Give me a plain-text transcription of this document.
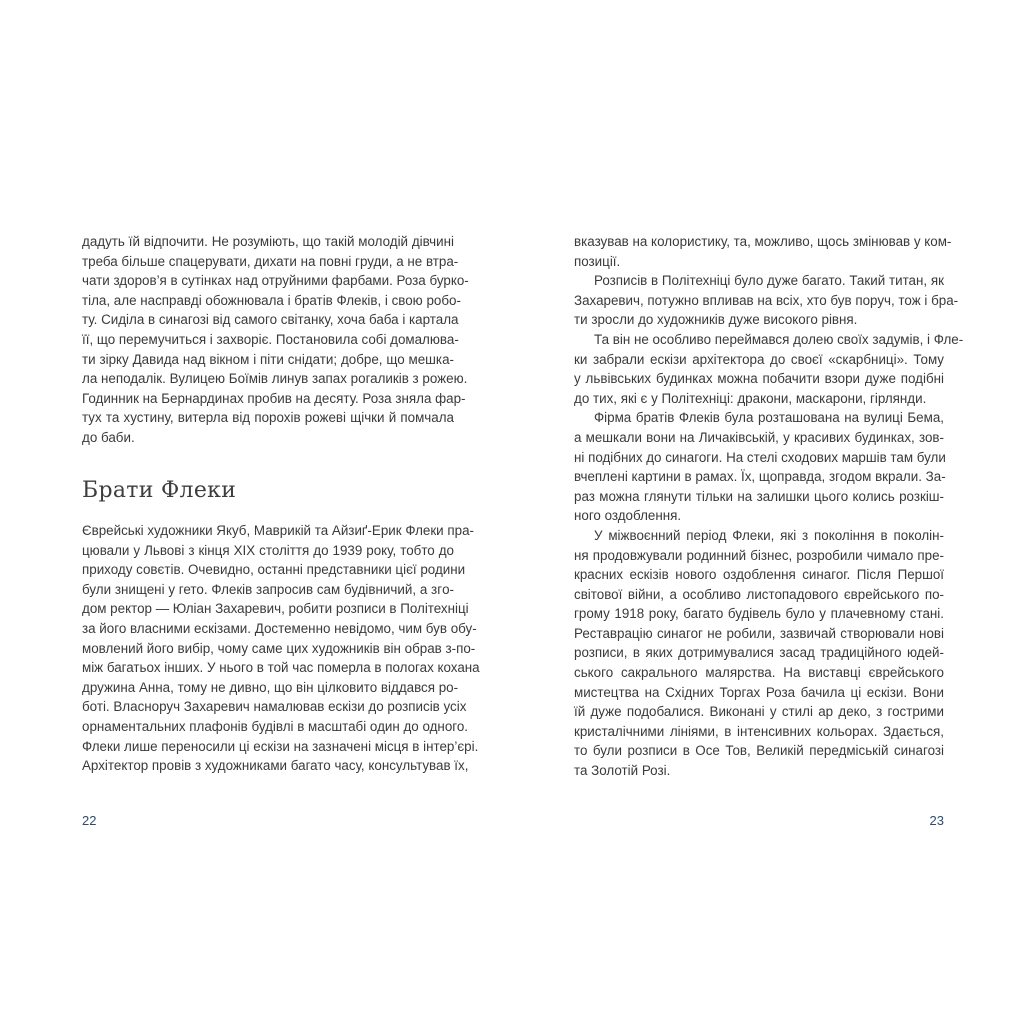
дадуть їй відпочити. Не розуміють, що такій молодій дівчині
треба більше спацерувати, дихати на повні груди, а не втра-
чати здоров’я в сутінках над отруйними фарбами. Роза бурко-
тіла, але насправді обожнювала і братів Флеків, і свою робо-
ту. Сиділа в синагозі від самого світанку, хоча баба і картала
її, що перемучиться і захворіє. Постановила собі домалюва-
ти зірку Давида над вікном і піти снідати; добре, що мешка-
ла неподалік. Вулицею Боїмів линув запах рогаликів з рожею.
Годинник на Бернардинах пробив на десяту. Роза зняла фар-
тух та хустину, витерла від порохів рожеві щічки й помчала
до баби.
Брати Флеки
Єврейські художники Якуб, Маврикій та Айзиґ-Ерик Флеки пра-
цювали у Львові з кінця XIX століття до 1939 року, тобто до
приходу совєтів. Очевидно, останні представники цієї родини
були знищені у гето. Флеків запросив сам будівничий, а згo-
дом ректор — Юліан Захаревич, робити розписи в Політехніці
за його власними ескізами. Достеменно невідомо, чим був обу-
мовлений його вибір, чому саме цих художників він обрав з-по-
між багатьох інших. У нього в той час померла в пологах кохана
дружина Анна, тому не дивно, що він цілковито віддався ро-
боті. Власноруч Захаревич намалював ескізи до розписів усіх
орнаментальних плафонів будівлі в масштабі один до одного.
Флеки лише переносили ці ескізи на зазначені місця в інтер’єрі.
Архітектор провів з художниками багато часу, консультував їх,
22
вказував на колористику, та, можливо, щось змінював у ком-
позиції.
Розписів в Політехніці було дуже багато. Такий титан, як
Захаревич, потужно впливав на всіх, хто був поруч, тож і бра-
ти зросли до художників дуже високого рівня.
Та він не особливо переймався долею своїх задумів, і Флe-
ки забрали ескізи архітектора до своєї «скарбниці». Тому
у львівських будинках можна побачити взори дуже подібні
до тих, які є у Політехніці: дракони, маскарони, гірлянди.
Фірма братів Флеків була розташована на вулиці Бема,
а мешкали вони на Личаківській, у красивих будинках, зов-
ні подібних до синагоги. На стелі сходових маршів там були
вчеплені картини в рамах. Їх, щоправда, згодом вкрали. За-
раз можна глянути тільки на залишки цього колись розкіш-
ного оздоблення.
У міжвоєнний період Флеки, які з покоління в поколін-
ня продовжували родинний бізнес, розробили чимало пре-
красних ескізів нового оздоблення синагог. Після Першої
світової війни, а особливо листопадового єврейського по-
грому 1918 року, багато будівель було у плачевному стані.
Реставрацію синагог не робили, зазвичай створювали нові
розписи, в яких дотримувалися засад традиційного юдей-
ського сакрального малярства. На виставці єврейського
мистецтва на Східних Торгах Роза бачила ці ескізи. Вони
їй дуже подобалися. Виконані у стилі ар деко, з гострими
кристалічними лініями, в інтенсивних кольорах. Здається,
то були розписи в Осе Тов, Великій передміській синагозі
та Золотій Розі.
23
